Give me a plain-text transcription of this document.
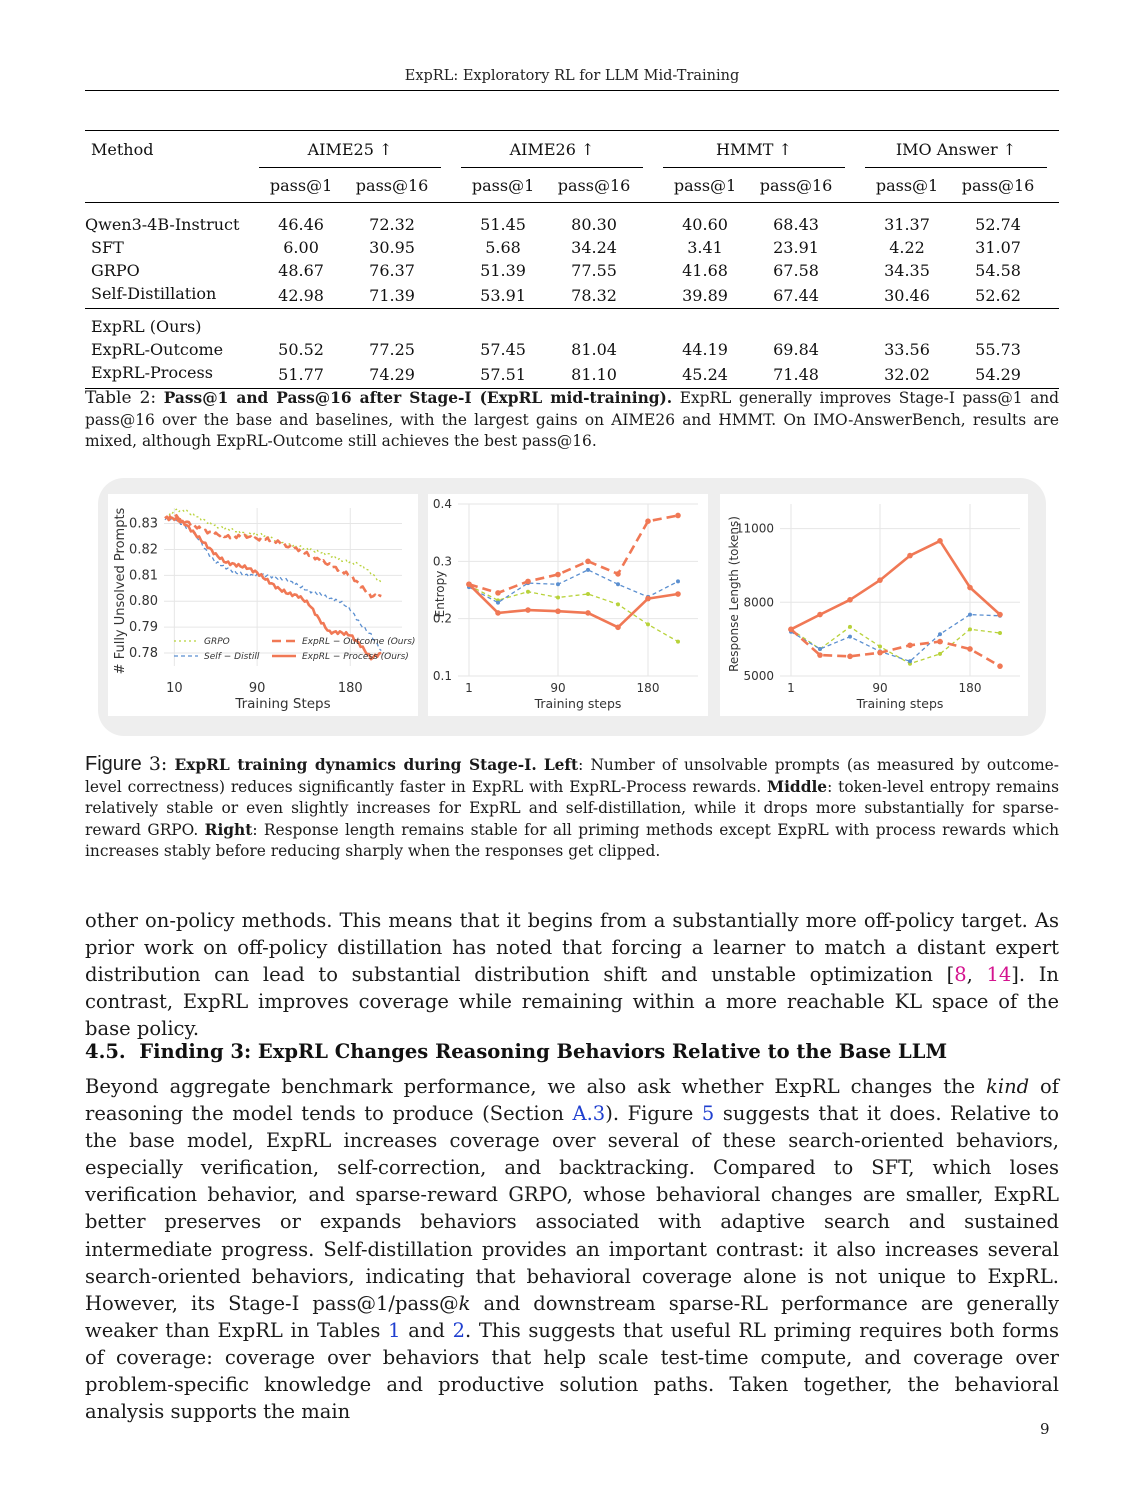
ExpRL: Exploratory RL for LLM Mid-Training
Method	AIME25 ↑			AIME26 ↑			HMMT ↑			IMO Answer ↑		
	pass@1	pass@16		pass@1	pass@16		pass@1	pass@16		pass@1	pass@16	
Qwen3-4B-Instruct	46.46	72.32		51.45	80.30		40.60	68.43		31.37	52.74	
SFT	6.00	30.95		5.68	34.24		3.41	23.91		4.22	31.07	
GRPO	48.67	76.37		51.39	77.55		41.68	67.58		34.35	54.58	
Self-Distillation	42.98	71.39		53.91	78.32		39.89	67.44		30.46	52.62	
ExpRL (Ours)												
ExpRL-Outcome	50.52	77.25		57.45	81.04		44.19	69.84		33.56	55.73	
ExpRL-Process	51.77	74.29		57.51	81.10		45.24	71.48		32.02	54.29	
Table 2: Pass@1 and Pass@16 after Stage-I (ExpRL mid-training). ExpRL generally improves Stage-I pass@1 and pass@16 over the base and baselines, with the largest gains on AIME26 and HMMT. On IMO-AnswerBench, results are mixed, although ExpRL-Outcome still achieves the best pass@16.
10	90	180
0.78
0.79
0.80
0.81
0.82
0.83
Training Steps
# Fully Unsolved Prompts	GRPO
Self − Distill
ExpRL − Outcome (Ours)
ExpRL − Process (Ours)
1	90	180
0.1
0.2
0.3
0.4
Training steps
Entropy
1	90	180
5000
8000
11000
Training steps
Response Length (tokens)
Figure 3: ExpRL training dynamics during Stage-I. Left: Number of unsolvable prompts (as measured by outcome-level correctness) reduces significantly faster in ExpRL with ExpRL-Process rewards. Middle: token-level entropy remains relatively stable or even slightly increases for ExpRL and self-distillation, while it drops more substantially for sparse-reward GRPO. Right: Response length remains stable for all priming methods except ExpRL with process rewards which increases stably before reducing sharply when the responses get clipped.
other on-policy methods. This means that it begins from a substantially more off-policy target. As prior work on off-policy distillation has noted that forcing a learner to match a distant expert distribution can lead to substantial distribution shift and unstable optimization [8, 14]. In contrast, ExpRL improves coverage while remaining within a more reachable KL space of the base policy.
4.5. Finding 3: ExpRL Changes Reasoning Behaviors Relative to the Base LLM
Beyond aggregate benchmark performance, we also ask whether ExpRL changes the kind of reasoning the model tends to produce (Section A.3). Figure 5 suggests that it does. Relative to the base model, ExpRL increases coverage over several of these search-oriented behaviors, especially verification, self-correction, and backtracking. Compared to SFT, which loses verification behavior, and sparse-reward GRPO, whose behavioral changes are smaller, ExpRL better preserves or expands behaviors associated with adaptive search and sustained intermediate progress. Self-distillation provides an important contrast: it also increases several search-oriented behaviors, indicating that behavioral coverage alone is not unique to ExpRL. However, its Stage-I pass@1/pass@k and downstream sparse-RL performance are generally weaker than ExpRL in Tables 1 and 2. This suggests that useful RL priming requires both forms of coverage: coverage over behaviors that help scale test-time compute, and coverage over problem-specific knowledge and productive solution paths. Taken together, the behavioral analysis supports the main
9
